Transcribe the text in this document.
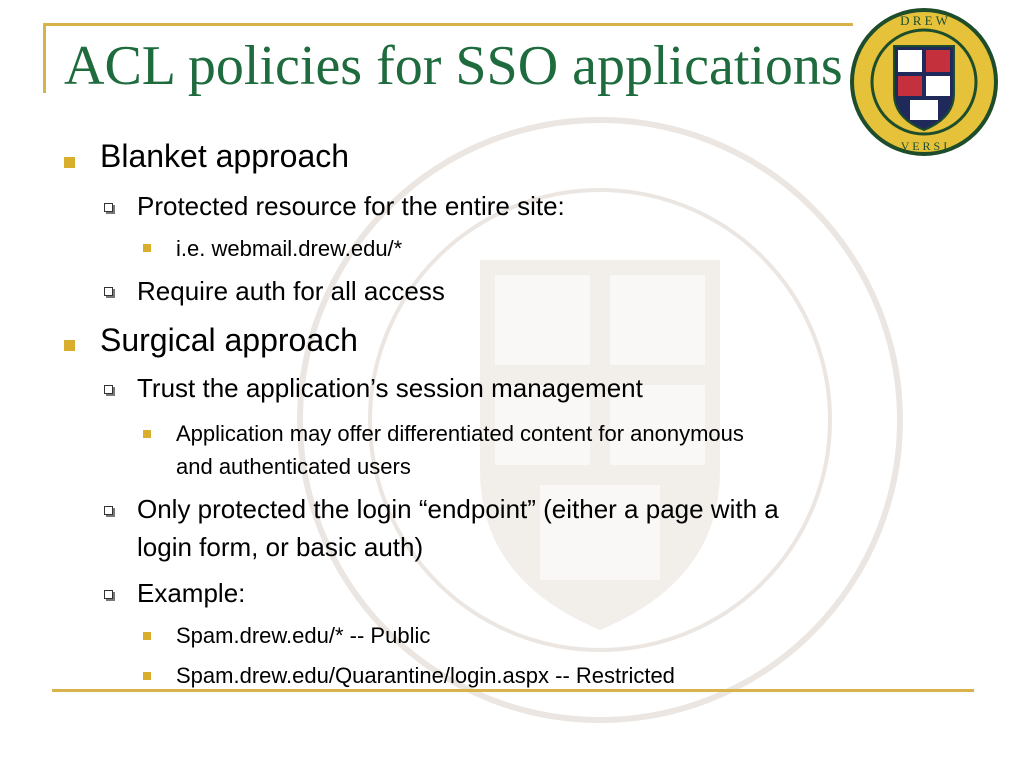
D R E W
V E R S I
ACL policies for SSO applications
Blanket approach
Protected resource for the entire site:
i.e. webmail.drew.edu/*
Require auth for all access
Surgical approach
Trust the application’s session management
Application may offer differentiated content for anonymous
and authenticated users
Only protected the login “endpoint” (either a page with a
login form, or basic auth)
Example:
Spam.drew.edu/* -- Public
Spam.drew.edu/Quarantine/login.aspx -- Restricted
